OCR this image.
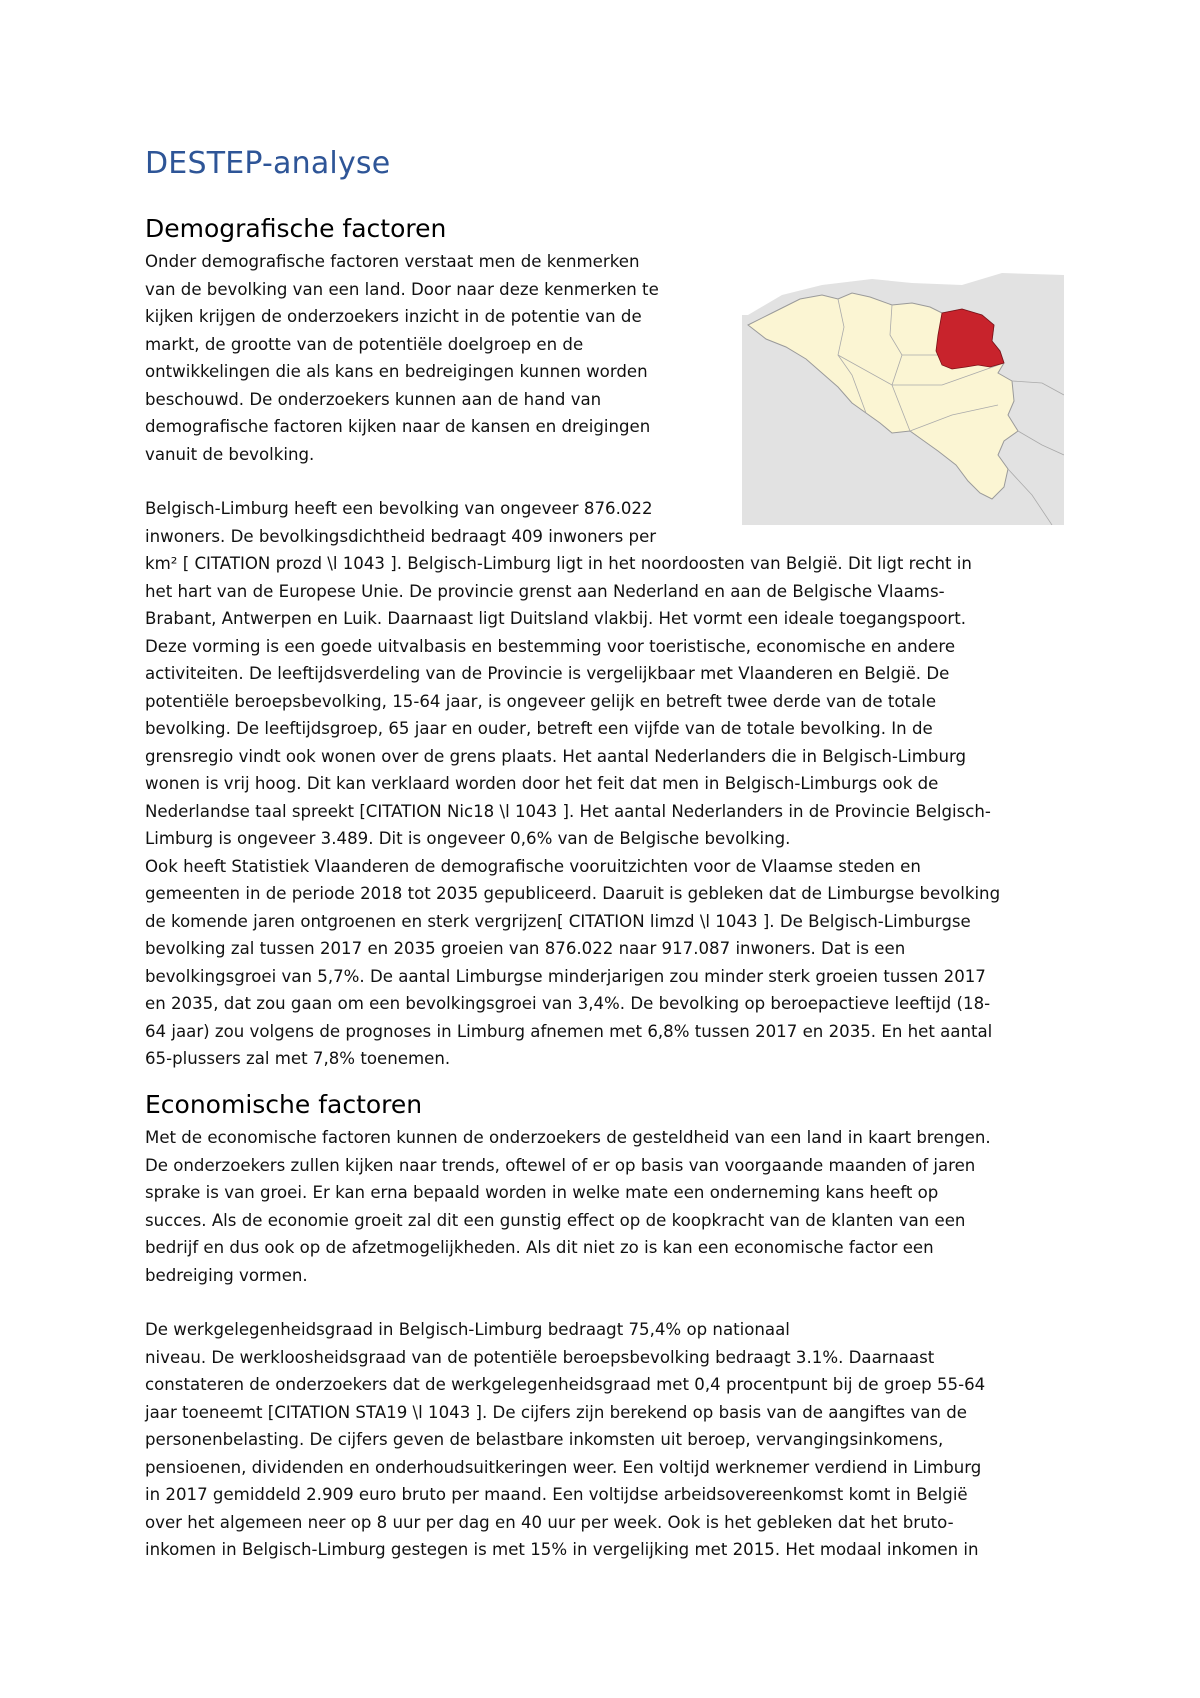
DESTEP-analyse
Demografische factoren
Onder demografische factoren verstaat men de kenmerken
van de bevolking van een land. Door naar deze kenmerken te
kijken krijgen de onderzoekers inzicht in de potentie van de
markt, de grootte van de potentiële doelgroep en de
ontwikkelingen die als kans en bedreigingen kunnen worden
beschouwd. De onderzoekers kunnen aan de hand van
demografische factoren kijken naar de kansen en dreigingen
vanuit de bevolking.
Belgisch-Limburg heeft een bevolking van ongeveer 876.022
inwoners. De bevolkingsdichtheid bedraagt 409 inwoners per
km² [ CITATION prozd \l 1043 ]. Belgisch-Limburg ligt in het noordoosten van België. Dit ligt recht in
het hart van de Europese Unie. De provincie grenst aan Nederland en aan de Belgische Vlaams-
Brabant, Antwerpen en Luik. Daarnaast ligt Duitsland vlakbij. Het vormt een ideale toegangspoort.
Deze vorming is een goede uitvalbasis en bestemming voor toeristische, economische en andere
activiteiten. De leeftijdsverdeling van de Provincie is vergelijkbaar met Vlaanderen en België. De
potentiële beroepsbevolking, 15-64 jaar, is ongeveer gelijk en betreft twee derde van de totale
bevolking. De leeftijdsgroep, 65 jaar en ouder, betreft een vijfde van de totale bevolking. In de
grensregio vindt ook wonen over de grens plaats. Het aantal Nederlanders die in Belgisch-Limburg
wonen is vrij hoog. Dit kan verklaard worden door het feit dat men in Belgisch-Limburgs ook de
Nederlandse taal spreekt [CITATION Nic18 \l 1043 ]. Het aantal Nederlanders in de Provincie Belgisch-
Limburg is ongeveer 3.489. Dit is ongeveer 0,6% van de Belgische bevolking.
Ook heeft Statistiek Vlaanderen de demografische vooruitzichten voor de Vlaamse steden en
gemeenten in de periode 2018 tot 2035 gepubliceerd. Daaruit is gebleken dat de Limburgse bevolking
de komende jaren ontgroenen en sterk vergrijzen[ CITATION limzd \l 1043 ]. De Belgisch-Limburgse
bevolking zal tussen 2017 en 2035 groeien van 876.022 naar 917.087 inwoners. Dat is een
bevolkingsgroei van 5,7%. De aantal Limburgse minderjarigen zou minder sterk groeien tussen 2017
en 2035, dat zou gaan om een bevolkingsgroei van 3,4%. De bevolking op beroepactieve leeftijd (18-
64 jaar) zou volgens de prognoses in Limburg afnemen met 6,8% tussen 2017 en 2035. En het aantal
65-plussers zal met 7,8% toenemen.
Economische factoren
Met de economische factoren kunnen de onderzoekers de gesteldheid van een land in kaart brengen.
De onderzoekers zullen kijken naar trends, oftewel of er op basis van voorgaande maanden of jaren
sprake is van groei. Er kan erna bepaald worden in welke mate een onderneming kans heeft op
succes. Als de economie groeit zal dit een gunstig effect op de koopkracht van de klanten van een
bedrijf en dus ook op de afzetmogelijkheden. Als dit niet zo is kan een economische factor een
bedreiging vormen.
De werkgelegenheidsgraad in Belgisch-Limburg bedraagt 75,4% op nationaal
niveau. De werkloosheidsgraad van de potentiële beroepsbevolking bedraagt 3.1%. Daarnaast
constateren de onderzoekers dat de werkgelegenheidsgraad met 0,4 procentpunt bij de groep 55-64
jaar toeneemt [CITATION STA19 \l 1043 ]. De cijfers zijn berekend op basis van de aangiftes van de
personenbelasting. De cijfers geven de belastbare inkomsten uit beroep, vervangingsinkomens,
pensioenen, dividenden en onderhoudsuitkeringen weer. Een voltijd werknemer verdiend in Limburg
in 2017 gemiddeld 2.909 euro bruto per maand. Een voltijdse arbeidsovereenkomst komt in België
over het algemeen neer op 8 uur per dag en 40 uur per week. Ook is het gebleken dat het bruto-
inkomen in Belgisch-Limburg gestegen is met 15% in vergelijking met 2015. Het modaal inkomen in
